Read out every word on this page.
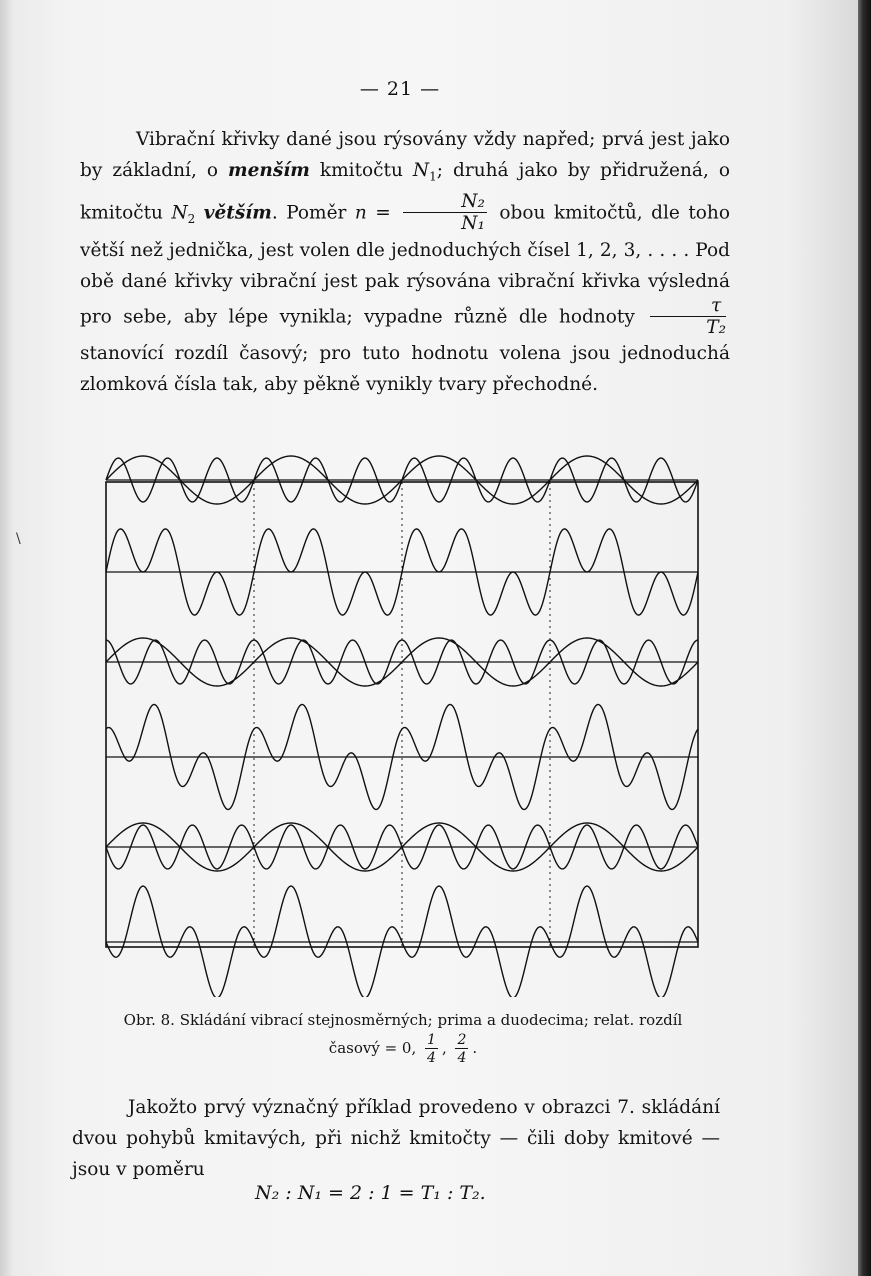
\
— 21 —

Vibrační křivky dané jsou rýsovány vždy napřed; prvá jest jako by základní, o menším kmitočtu $N_1$; druhá jako by přidružená, o kmitočtu $N_2$ větším. Poměr $n = \frac{\text{N₂}}{\text{N₁}}$ obou kmitočtů, dle toho větší než jednička, jest volen dle jednoduchých čísel 1, 2, 3, . . . . Pod obě dané křivky vibrační jest pak rýsována vibrační křivka výsledná pro sebe, aby lépe vynikla; vypadne různě dle hodnoty $\frac{\tau}{\text{T₂}}$
stanovící rozdíl časový; pro tuto hodnotu volena jsou jednoduchá zlomková čísla tak, aby pěkně vynikly tvary přechodné.

Obr. 8. Skládání vibrací stejnosměrných; prima a duodecima; relat. rozdíl
časový = 0, $\frac{1}{4}$ , $\frac{2}{4}$ .
Jakožto prvý význačný příklad provedeno v obrazci 7. skládání dvou pohybů kmitavých, při nichž kmitočty — čili doby kmitové — jsou v poměru
N₂ : N₁ = 2 : 1 = T₁ : T₂.
